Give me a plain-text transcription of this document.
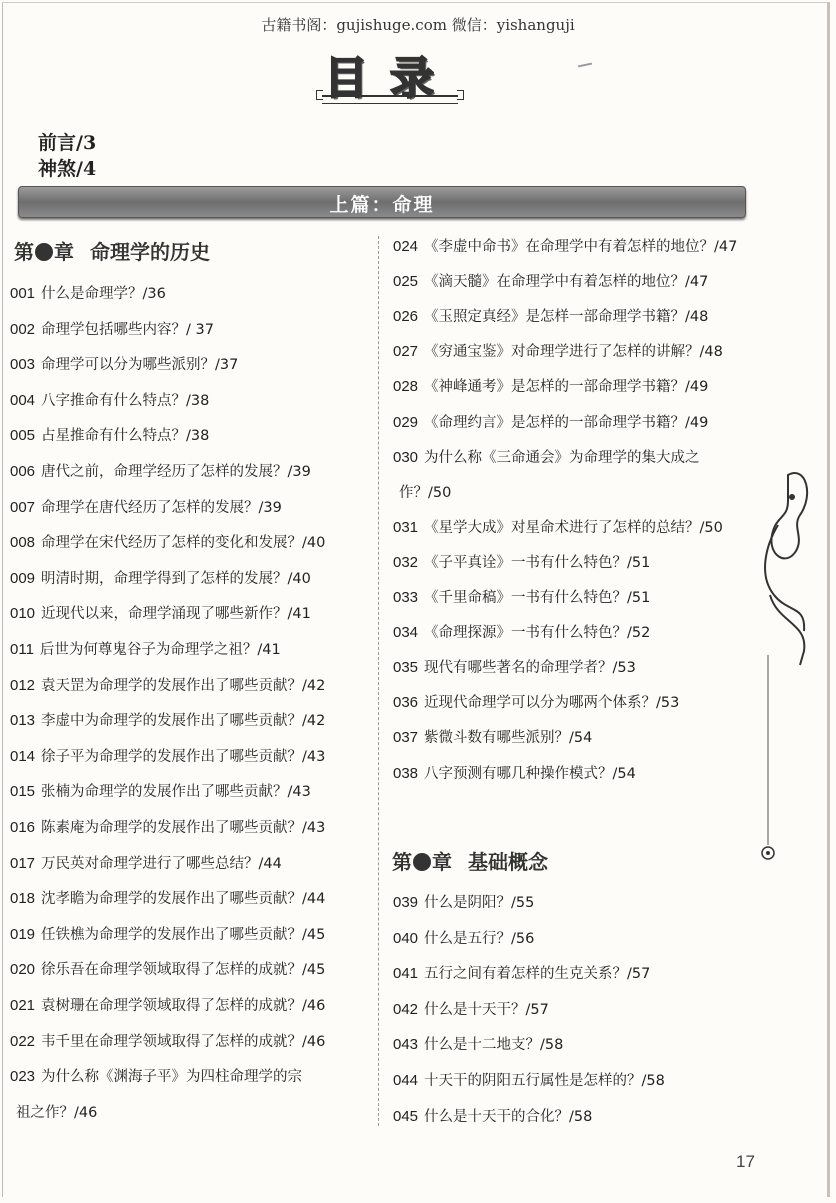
古籍书阁：gujishuge.com 微信：yishanguji
目录
前言/3
神煞/4
上篇：命理
第 章 命理学的历史
第 章 基础概念
001 什么是命理学？/36
002 命理学包括哪些内容？/ 37
003 命理学可以分为哪些派别？/37
004 八字推命有什么特点？/38
005 占星推命有什么特点？/38
006 唐代之前，命理学经历了怎样的发展？/39
007 命理学在唐代经历了怎样的发展？/39
008 命理学在宋代经历了怎样的变化和发展？/40
009 明清时期，命理学得到了怎样的发展？/40
010 近现代以来，命理学涌现了哪些新作？/41
011 后世为何尊鬼谷子为命理学之祖？/41
012 袁天罡为命理学的发展作出了哪些贡献？/42
013 李虚中为命理学的发展作出了哪些贡献？/42
014 徐子平为命理学的发展作出了哪些贡献？/43
015 张楠为命理学的发展作出了哪些贡献？/43
016 陈素庵为命理学的发展作出了哪些贡献？/43
017 万民英对命理学进行了哪些总结？/44
018 沈孝瞻为命理学的发展作出了哪些贡献？/44
019 任铁樵为命理学的发展作出了哪些贡献？/45
020 徐乐吾在命理学领域取得了怎样的成就？/45
021 袁树珊在命理学领域取得了怎样的成就？/46
022 韦千里在命理学领域取得了怎样的成就？/46
023 为什么称《渊海子平》为四柱命理学的宗
祖之作？/46
024 《李虚中命书》在命理学中有着怎样的地位？/47
025 《滴天髓》在命理学中有着怎样的地位？/47
026 《玉照定真经》是怎样一部命理学书籍？/48
027 《穷通宝鉴》对命理学进行了怎样的讲解？/48
028 《神峰通考》是怎样的一部命理学书籍？/49
029 《命理约言》是怎样的一部命理学书籍？/49
030 为什么称《三命通会》为命理学的集大成之
作？/50
031 《星学大成》对星命术进行了怎样的总结？/50
032 《子平真诠》一书有什么特色？/51
033 《千里命稿》一书有什么特色？/51
034 《命理探源》一书有什么特色？/52
035 现代有哪些著名的命理学者？/53
036 近现代命理学可以分为哪两个体系？/53
037 紫微斗数有哪些派别？/54
038 八字预测有哪几种操作模式？/54
039 什么是阴阳？/55
040 什么是五行？/56
041 五行之间有着怎样的生克关系？/57
042 什么是十天干？/57
043 什么是十二地支？/58
044 十天干的阴阳五行属性是怎样的？/58
045 什么是十天干的合化？/58
17
